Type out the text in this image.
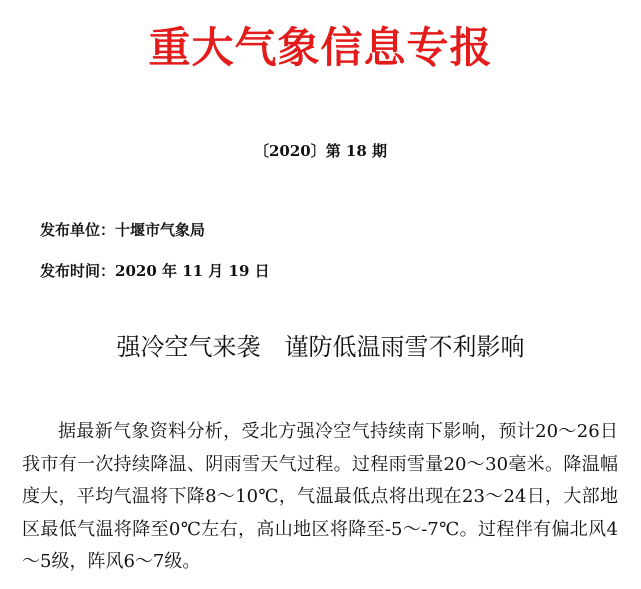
重大气象信息专报
〔2020〕第 18 期
发布单位：十堰市气象局
发布时间：2020 年 11 月 19 日
强冷空气来袭　谨防低温雨雪不利影响

据最新气象资料分析，受北方强冷空气持续南下影响，预计20～26日我市有一次持续降温、阴雨雪天气过程。过程雨雪量20～30毫米。降温幅度大，平均气温将下降8～10℃，气温最低点将出现在23～24日，大部地区最低气温将降至0℃左右，高山地区将降至-5～-7℃。过程伴有偏北风4～5级，阵风6～7级。
